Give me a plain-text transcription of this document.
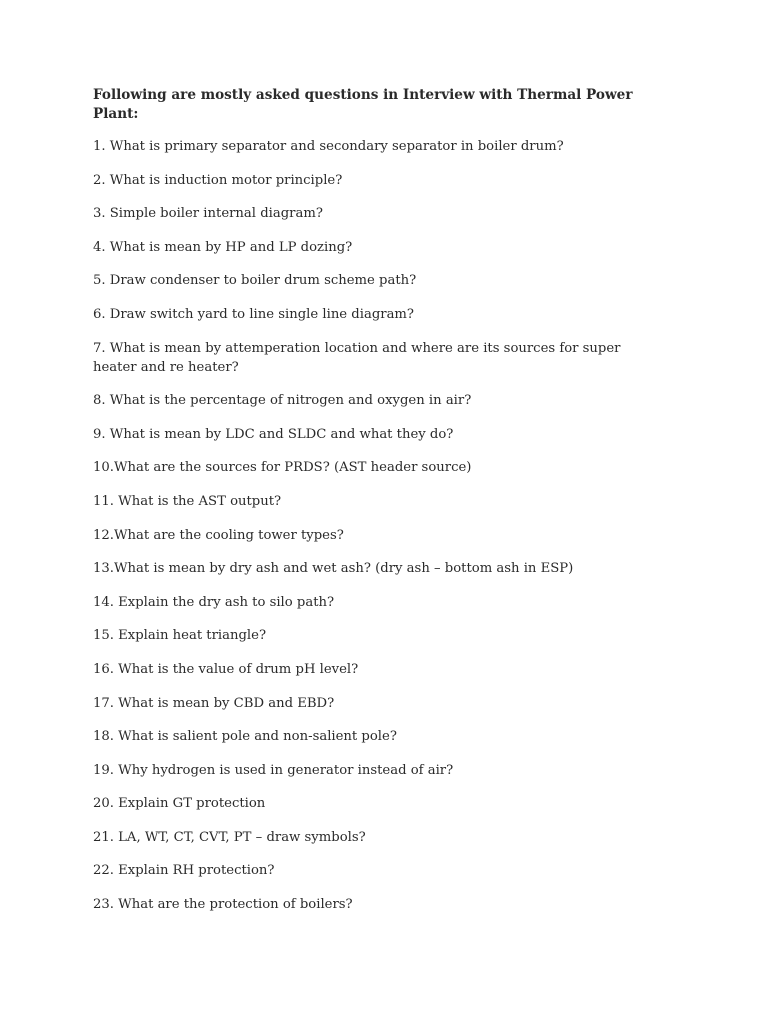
Following are mostly asked questions in Interview with Thermal Power Plant:
1. What is primary separator and secondary separator in boiler drum?
2. What is induction motor principle?
3. Simple boiler internal diagram?
4. What is mean by HP and LP dozing?
5. Draw condenser to boiler drum scheme path?
6. Draw switch yard to line single line diagram?
7. What is mean by attemperation location and where are its sources for super heater and re heater?
8. What is the percentage of nitrogen and oxygen in air?
9. What is mean by LDC and SLDC and what they do?
10.What are the sources for PRDS? (AST header source)
11. What is the AST output?
12.What are the cooling tower types?
13.What is mean by dry ash and wet ash? (dry ash – bottom ash in ESP)
14. Explain the dry ash to silo path?
15. Explain heat triangle?
16. What is the value of drum pH level?
17. What is mean by CBD and EBD?
18. What is salient pole and non-salient pole?
19. Why hydrogen is used in generator instead of air?
20. Explain GT protection
21. LA, WT, CT, CVT, PT – draw symbols?
22. Explain RH protection?
23. What are the protection of boilers?
